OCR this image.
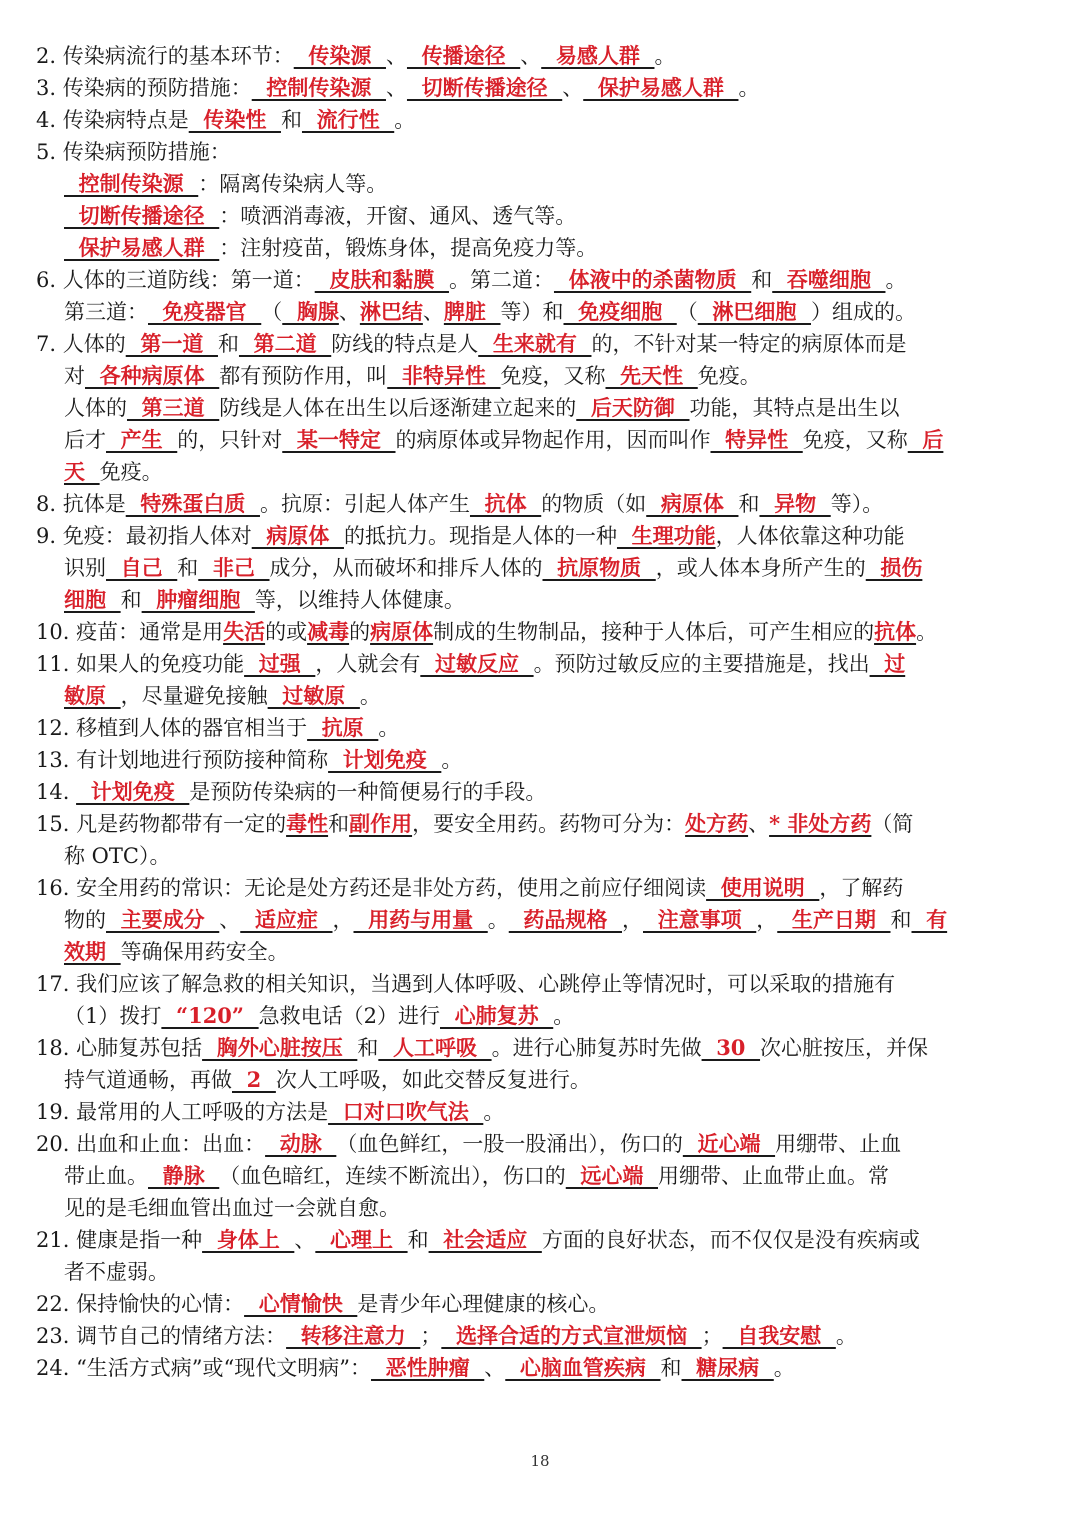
2. 传染病流行的基本环节：  传染源  、  传播途径  、  易感人群  。
3. 传染病的预防措施：  控制传染源  、  切断传播途径  、  保护易感人群  。
4. 传染病特点是  传染性  和  流行性  。
5. 传染病预防措施：
控制传染源  ：隔离传染病人等。
切断传播途径  ：喷洒消毒液，开窗、通风、透气等。
保护易感人群  ：注射疫苗，锻炼身体，提高免疫力等。
6. 人体的三道防线：第一道：  皮肤和黏膜  。第二道：  体液中的杀菌物质  和  吞噬细胞  。
第三道：  免疫器官  （  胸腺、淋巴结、脾脏  等）和  免疫细胞  （  淋巴细胞  ）组成的。
7. 人体的  第一道  和  第二道  防线的特点是人  生来就有  的，不针对某一特定的病原体而是
对  各种病原体  都有预防作用，叫  非特异性  免疫，又称  先天性  免疫。
人体的  第三道  防线是人体在出生以后逐渐建立起来的  后天防御  功能，其特点是出生以
后才  产生  的，只针对  某一特定  的病原体或异物起作用，因而叫作  特异性  免疫，又称  后
天  免疫。
8. 抗体是  特殊蛋白质  。抗原：引起人体产生  抗体  的物质（如  病原体  和  异物  等）。
9. 免疫：最初指人体对  病原体  的抵抗力。现指是人体的一种  生理功能，人体依靠这种功能
识别  自己  和  非己  成分，从而破坏和排斥人体的  抗原物质  ，或人体本身所产生的  损伤
细胞  和  肿瘤细胞  等，以维持人体健康。
10. 疫苗：通常是用失活的或减毒的病原体制成的生物制品，接种于人体后，可产生相应的抗体。
11. 如果人的免疫功能  过强  ，人就会有  过敏反应  。预防过敏反应的主要措施是，找出  过
敏原  ，尽量避免接触  过敏原  。
12. 移植到人体的器官相当于  抗原  。
13. 有计划地进行预防接种简称  计划免疫  。
14.   计划免疫  是预防传染病的一种简便易行的手段。
15. 凡是药物都带有一定的毒性和副作用，要安全用药。药物可分为：处方药、* 非处方药（简
称 OTC）。
16. 安全用药的常识：无论是处方药还是非处方药，使用之前应仔细阅读  使用说明  ，了解药
物的  主要成分  、  适应症  ，  用药与用量  。  药品规格  ，  注意事项  ，  生产日期  和  有
效期  等确保用药安全。
17. 我们应该了解急救的相关知识，当遇到人体呼吸、心跳停止等情况时，可以采取的措施有
（1）拨打  “120”  急救电话（2）进行  心肺复苏  。
18. 心肺复苏包括  胸外心脏按压  和  人工呼吸  。进行心肺复苏时先做  30  次心脏按压，并保
持气道通畅，再做  2  次人工呼吸，如此交替反复进行。
19. 最常用的人工呼吸的方法是  口对口吹气法  。
20. 出血和止血：出血：  动脉  （血色鲜红，一股一股涌出），伤口的  近心端  用绷带、止血
带止血。  静脉  （血色暗红，连续不断流出），伤口的  远心端  用绷带、止血带止血。常
见的是毛细血管出血过一会就自愈。
21. 健康是指一种  身体上  、  心理上  和  社会适应  方面的良好状态，而不仅仅是没有疾病或
者不虚弱。
22. 保持愉快的心情：  心情愉快  是青少年心理健康的核心。
23. 调节自己的情绪方法：  转移注意力  ；  选择合适的方式宣泄烦恼  ；  自我安慰  。
24. “生活方式病”或“现代文明病”：  恶性肿瘤  、  心脑血管疾病  和  糖尿病  。
18
